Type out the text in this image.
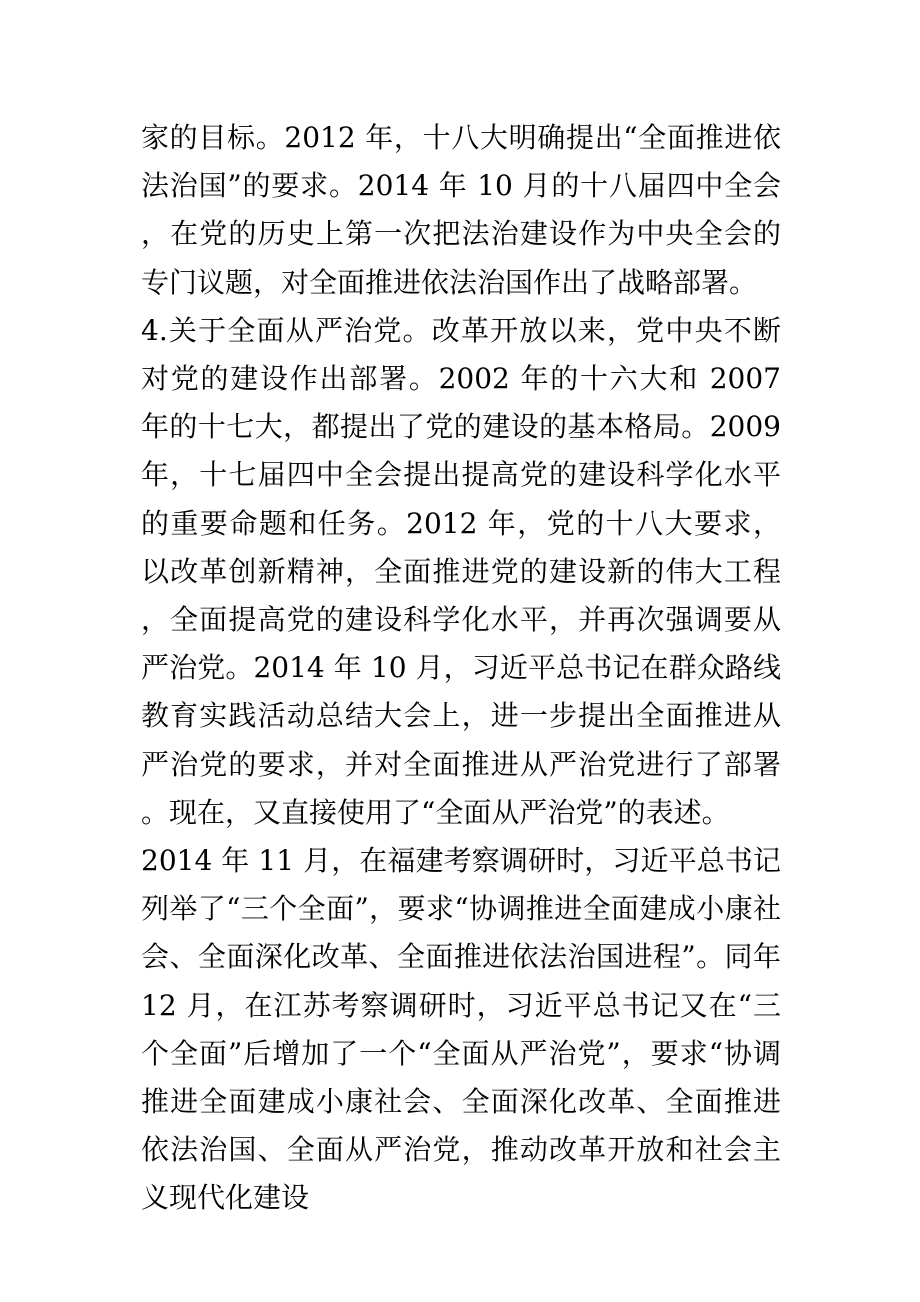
家的目标。2012 年，十八大明确提出“全面推进依法治国”的要求。2014 年 10 月的十八届四中全会，在党的历史上第一次把法治建设作为中央全会的专门议题，对全面推进依法治国作出了战略部署。

4.关于全面从严治党。改革开放以来，党中央不断对党的建设作出部署。2002 年的十六大和 2007 年的十七大，都提出了党的建设的基本格局。2009 年，十七届四中全会提出提高党的建设科学化水平的重要命题和任务。2012 年，党的十八大要求，以改革创新精神，全面推进党的建设新的伟大工程，全面提高党的建设科学化水平，并再次强调要从严治党。2014 年 10 月，习近平总书记在群众路线教育实践活动总结大会上，进一步提出全面推进从严治党的要求，并对全面推进从严治党进行了部署。现在，又直接使用了“全面从严治党”的表述。

2014 年 11 月，在福建考察调研时，习近平总书记列举了“三个全面”，要求“协调推进全面建成小康社会、全面深化改革、全面推进依法治国进程”。同年 12 月，在江苏考察调研时，习近平总书记又在“三个全面”后增加了一个“全面从严治党”，要求“协调推进全面建成小康社会、全面深化改革、全面推进依法治国、全面从严治党，推动改革开放和社会主义现代化建设
